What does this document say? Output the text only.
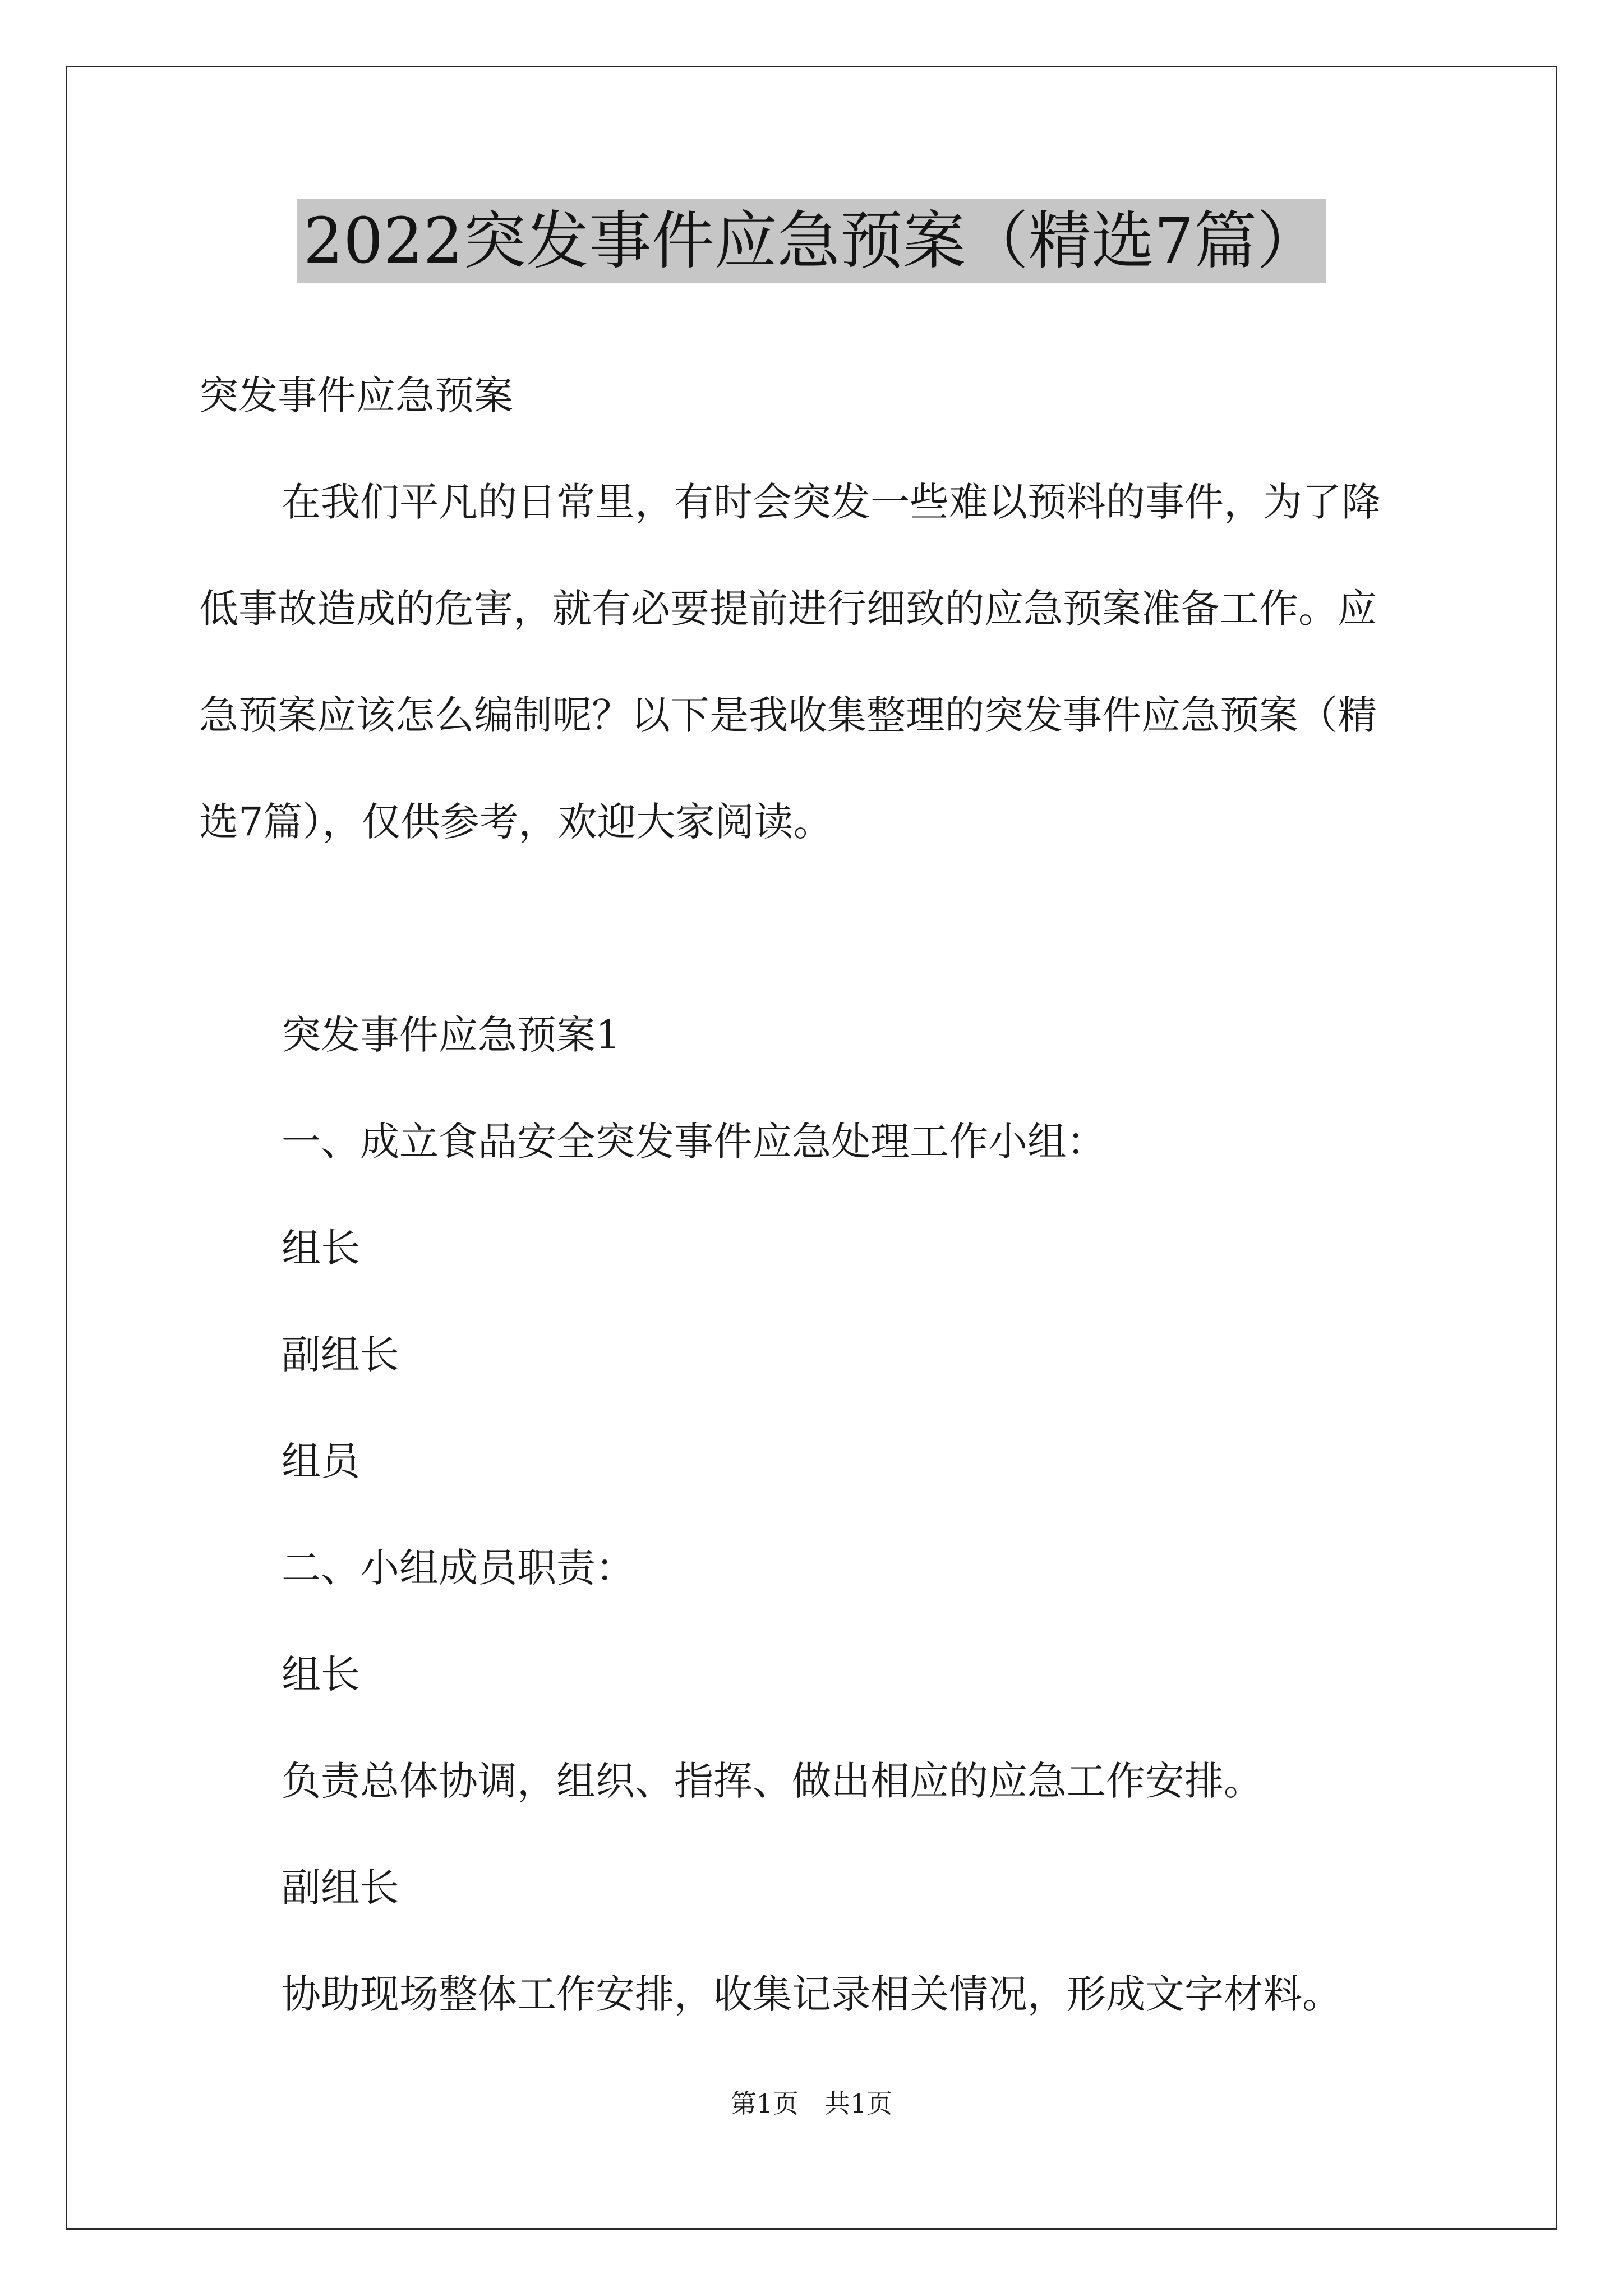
2022突发事件应急预案（精选7篇）
突发事件应急预案
在我们平凡的日常里，有时会突发一些难以预料的事件，为了降
低事故造成的危害，就有必要提前进行细致的应急预案准备工作。应
急预案应该怎么编制呢？以下是我收集整理的突发事件应急预案（精
选7篇），仅供参考，欢迎大家阅读。
突发事件应急预案1
一、成立食品安全突发事件应急处理工作小组：
组长
副组长
组员
二、小组成员职责：
组长
负责总体协调，组织、指挥、做出相应的应急工作安排。
副组长
协助现场整体工作安排，收集记录相关情况，形成文字材料。
第1页　共1页
